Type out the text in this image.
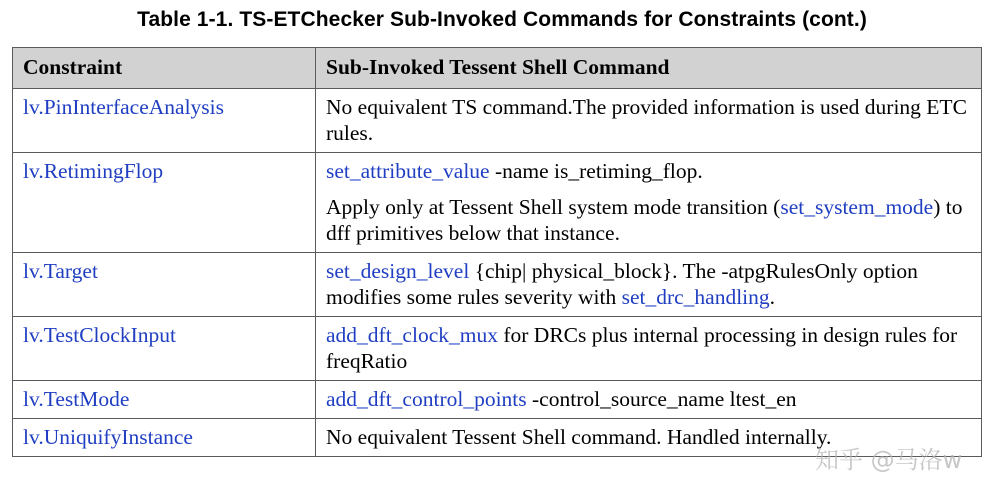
Table 1-1. TS-ETChecker Sub-Invoked Commands for Constraints (cont.)
Constraint	Sub-Invoked Tessent Shell Command
lv.PinInterfaceAnalysis	No equivalent TS command.The provided information is used during ETC rules.
lv.RetimingFlop	set_attribute_value -name is_retiming_flop.

Apply only at Tessent Shell system mode transition (set_system_mode) to dff primitives below that instance.

lv.Target	set_design_level {chip| physical_block}. The -atpgRulesOnly option modifies some rules severity with set_drc_handling.
lv.TestClockInput	add_dft_clock_mux for DRCs plus internal processing in design rules for freqRatio
lv.TestMode	add_dft_control_points -control_source_name ltest_en
lv.UniquifyInstance	No equivalent Tessent Shell command. Handled internally.
知乎 @马洛w
